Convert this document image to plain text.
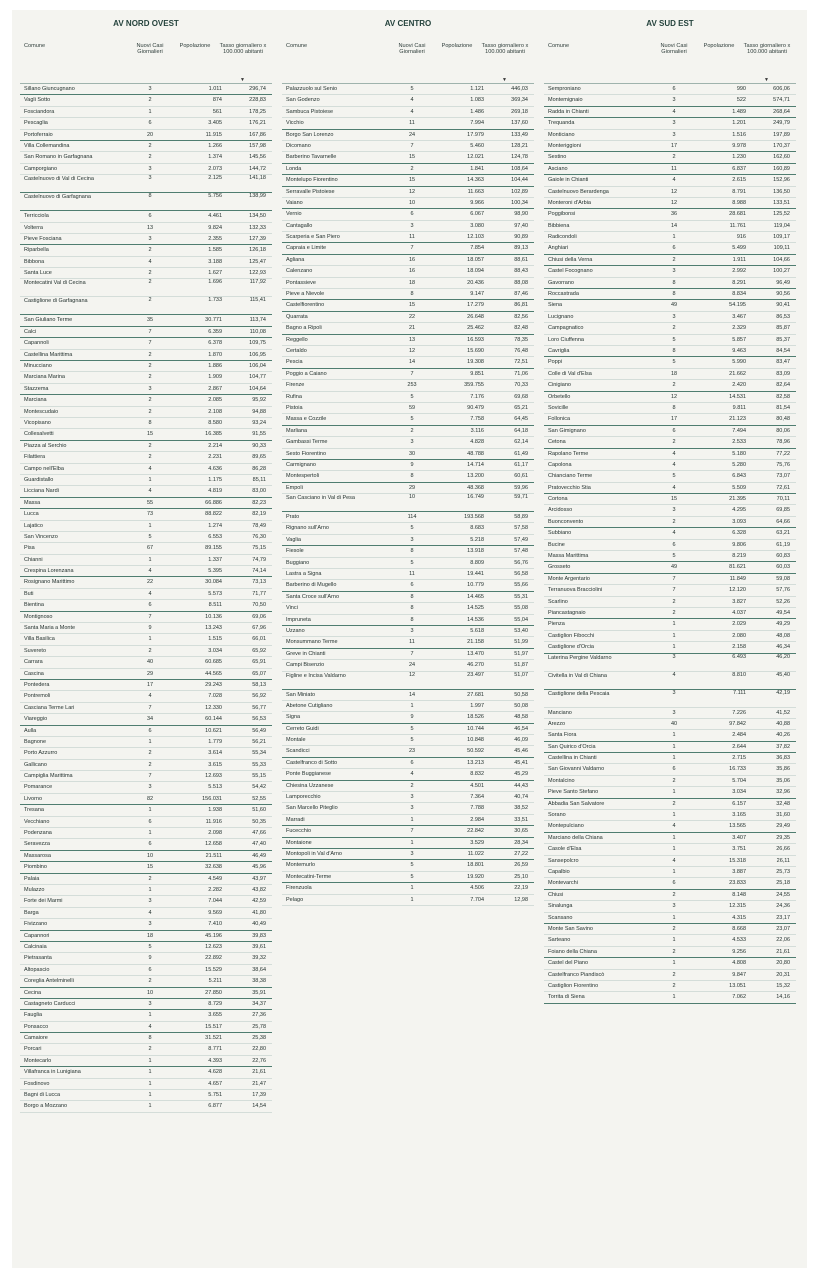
AV NORD OVEST
Comune	Nuovi Casi Giornalieri
Popolazione	Tasso giornaliero x 100.000 abitanti
▼
Sillano Giuncugnano	3	1.011	296,74
Vagli Sotto	2	874	228,83
Fosciandora	1	561	178,25
Pescaglia	6	3.405	176,21
Portoferraio	20	11.915	167,86
Villa Collemandina	2	1.266	157,98
San Romano in Garfagnana	2	1.374	145,56
Camporgiano	3	2.073	144,72
Castelnuovo di Val di Cecina	3	2.125	141,18
Castelnuovo di Garfagnana	8	5.756	138,99
Terricciola	6	4.461	134,50
Volterra	13	9.824	132,33
Pieve Fosciana	3	2.355	127,39
Riparbella	2	1.585	126,18
Bibbona	4	3.188	125,47
Santa Luce	2	1.627	122,93
Montecatini Val di Cecina	2	1.696	117,92
Castiglione di Garfagnana	2	1.733	115,41
San Giuliano Terme	35	30.771	113,74
Calci	7	6.359	110,08
Capannoli	7	6.378	109,75
Castellina Marittima	2	1.870	106,95
Minucciano	2	1.886	106,04
Marciana Marina	2	1.909	104,77
Stazzema	3	2.867	104,64
Marciana	2	2.085	95,92
Montescudaio	2	2.108	94,88
Vicopisano	8	8.580	93,24
Collesalvetti	15	16.385	91,55
Piazza al Serchio	2	2.214	90,33
Filattiera	2	2.231	89,65
Campo nell'Elba	4	4.636	86,28
Guardistallo	1	1.175	85,11
Licciana Nardi	4	4.819	83,00
Massa	55	66.886	82,23
Lucca	73	88.822	82,19
Lajatico	1	1.274	78,49
San Vincenzo	5	6.553	76,30
Pisa	67	89.155	75,15
Chianni	1	1.337	74,79
Crespina Lorenzana	4	5.395	74,14
Rosignano Marittimo	22	30.084	73,13
Buti	4	5.573	71,77
Bientina	6	8.511	70,50
Montignoso	7	10.136	69,06
Santa Maria a Monte	9	13.243	67,96
Villa Basilica	1	1.515	66,01
Suvereto	2	3.034	65,92
Carrara	40	60.685	65,91
Cascina	29	44.565	65,07
Pontedera	17	29.243	58,13
Pontremoli	4	7.028	56,92
Casciana Terme Lari	7	12.330	56,77
Viareggio	34	60.144	56,53
Aulla	6	10.621	56,49
Bagnone	1	1.779	56,21
Porto Azzurro	2	3.614	55,34
Gallicano	2	3.615	55,33
Campiglia Marittima	7	12.693	55,15
Pomarance	3	5.513	54,42
Livorno	82	156.031	52,55
Tresana	1	1.938	51,60
Vecchiano	6	11.916	50,35
Podenzana	1	2.098	47,66
Seravezza	6	12.658	47,40
Massarosa	10	21.511	46,49
Piombino	15	32.638	45,96
Palaia	2	4.549	43,97
Mulazzo	1	2.282	43,82
Forte dei Marmi	3	7.044	42,59
Barga	4	9.569	41,80
Fivizzano	3	7.410	40,49
Capannori	18	45.196	39,83
Calcinaia	5	12.623	39,61
Pietrasanta	9	22.892	39,32
Altopascio	6	15.529	38,64
Coreglia Antelminelli	2	5.211	38,38
Cecina	10	27.850	35,91
Castagneto Carducci	3	8.729	34,37
Fauglia	1	3.655	27,36
Ponsacco	4	15.517	25,78
Camaiore	8	31.521	25,38
Porcari	2	8.771	22,80
Montecarlo	1	4.393	22,76
Villafranca in Lunigiana	1	4.628	21,61
Fosdinovo	1	4.657	21,47
Bagni di Lucca	1	5.751	17,39
Borgo a Mozzano	1	6.877	14,54
AV CENTRO
Comune	Nuovi Casi Giornalieri
Popolazione	Tasso giornaliero x 100.000 abitanti
▼
Palazzuolo sul Senio	5	1.121	446,03
San Godenzo	4	1.083	369,34
Sambuca Pistoiese	4	1.486	269,18
Vicchio	11	7.994	137,60
Borgo San Lorenzo	24	17.979	133,49
Dicomano	7	5.460	128,21
Barberino Tavarnelle	15	12.021	124,78
Londa	2	1.841	108,64
Montelupo Fiorentino	15	14.363	104,44
Serravalle Pistoiese	12	11.663	102,89
Vaiano	10	9.966	100,34
Vernio	6	6.067	98,90
Cantagallo	3	3.080	97,40
Scarperia e San Piero	11	12.103	90,89
Capraia e Limite	7	7.854	89,13
Agliana	16	18.057	88,61
Calenzano	16	18.094	88,43
Pontassieve	18	20.436	88,08
Pieve a Nievole	8	9.147	87,46
Castelfiorentino	15	17.279	86,81
Quarrata	22	26.648	82,56
Bagno a Ripoli	21	25.462	82,48
Reggello	13	16.593	78,35
Certaldo	12	15.690	76,48
Pescia	14	19.308	72,51
Poggio a Caiano	7	9.851	71,06
Firenze	253	359.755	70,33
Rufina	5	7.176	69,68
Pistoia	59	90.479	65,21
Massa e Cozzile	5	7.758	64,45
Marliana	2	3.116	64,18
Gambassi Terme	3	4.828	62,14
Sesto Fiorentino	30	48.788	61,49
Carmignano	9	14.714	61,17
Montespertoli	8	13.200	60,61
Empoli	29	48.368	59,96
San Casciano in Val di Pesa	10	16.749	59,71
Prato	114	193.568	58,89
Rignano sull'Arno	5	8.683	57,58
Vaglia	3	5.218	57,49
Fiesole	8	13.918	57,48
Buggiano	5	8.809	56,76
Lastra a Signa	11	19.441	56,58
Barberino di Mugello	6	10.779	55,66
Santa Croce sull'Arno	8	14.465	55,31
Vinci	8	14.525	55,08
Impruneta	8	14.536	55,04
Uzzano	3	5.618	53,40
Monsummano Terme	11	21.158	51,99
Greve in Chianti	7	13.470	51,97
Campi Bisenzio	24	46.270	51,87
Figline e Incisa Valdarno	12	23.497	51,07
San Miniato	14	27.681	50,58
Abetone Cutigliano	1	1.997	50,08
Signa	9	18.526	48,58
Cerreto Guidi	5	10.744	46,54
Montale	5	10.848	46,09
Scandicci	23	50.592	45,46
Castelfranco di Sotto	6	13.213	45,41
Ponte Buggianese	4	8.832	45,29
Chiesina Uzzanese	2	4.501	44,43
Lamporecchio	3	7.364	40,74
San Marcello Piteglio	3	7.788	38,52
Marradi	1	2.984	33,51
Fucecchio	7	22.842	30,65
Montaione	1	3.529	28,34
Montopoli in Val d'Arno	3	11.022	27,22
Montemurlo	5	18.801	26,59
Montecatini-Terme	5	19.920	25,10
Firenzuola	1	4.506	22,19
Pelago	1	7.704	12,98
AV SUD EST
Comune	Nuovi Casi Giornalieri
Popolazione	Tasso giornaliero x 100.000 abitanti
▼
Semproniano	6	990	606,06
Montemignaio	3	522	574,71
Radda in Chianti	4	1.489	268,64
Trequanda	3	1.201	249,79
Monticiano	3	1.516	197,89
Monteriggioni	17	9.978	170,37
Sestino	2	1.230	162,60
Asciano	11	6.837	160,89
Gaiole in Chianti	4	2.615	152,96
Castelnuovo Berardenga	12	8.791	136,50
Monteroni d'Arbia	12	8.988	133,51
Poggibonsi	36	28.681	125,52
Bibbiena	14	11.761	119,04
Radicondoli	1	916	109,17
Anghiari	6	5.499	109,11
Chiusi della Verna	2	1.911	104,66
Castel Focognano	3	2.992	100,27
Gavorrano	8	8.291	96,49
Roccastrada	8	8.834	90,56
Siena	49	54.195	90,41
Lucignano	3	3.467	86,53
Campagnatico	2	2.329	85,87
Loro Ciuffenna	5	5.857	85,37
Cavriglia	8	9.463	84,54
Poppi	5	5.990	83,47
Colle di Val d'Elsa	18	21.662	83,09
Cinigiano	2	2.420	82,64
Orbetello	12	14.531	82,58
Sovicille	8	9.811	81,54
Follonica	17	21.123	80,48
San Gimignano	6	7.494	80,06
Cetona	2	2.533	78,96
Rapolano Terme	4	5.180	77,22
Capolona	4	5.280	75,76
Chianciano Terme	5	6.843	73,07
Pratovecchio Stia	4	5.509	72,61
Cortona	15	21.395	70,11
Arcidosso	3	4.295	69,85
Buonconvento	2	3.093	64,66
Subbiano	4	6.328	63,21
Bucine	6	9.806	61,19
Massa Marittima	5	8.219	60,83
Grosseto	49	81.621	60,03
Monte Argentario	7	11.849	59,08
Terranuova Bracciolini	7	12.120	57,76
Scarlino	2	3.827	52,26
Piancastagnaio	2	4.037	49,54
Pienza	1	2.029	49,29
Castiglion Fibocchi	1	2.080	48,08
Castiglione d'Orcia	1	2.158	46,34
Laterina Pergine Valdarno	3	6.493	46,20
Civitella in Val di Chiana	4	8.810	45,40
Castiglione della Pescaia	3	7.111	42,19
Manciano	3	7.226	41,52
Arezzo	40	97.842	40,88
Santa Fiora	1	2.484	40,26
San Quirico d'Orcia	1	2.644	37,82
Castellina in Chianti	1	2.715	36,83
San Giovanni Valdarno	6	16.733	35,86
Montalcino	2	5.704	35,06
Pieve Santo Stefano	1	3.034	32,96
Abbadia San Salvatore	2	6.157	32,48
Sorano	1	3.165	31,60
Montepulciano	4	13.565	29,49
Marciano della Chiana	1	3.407	29,35
Casole d'Elsa	1	3.751	26,66
Sansepolcro	4	15.318	26,11
Capalbio	1	3.887	25,73
Montevarchi	6	23.833	25,18
Chiusi	2	8.148	24,55
Sinalunga	3	12.315	24,36
Scansano	1	4.315	23,17
Monte San Savino	2	8.668	23,07
Sarteano	1	4.533	22,06
Foiano della Chiana	2	9.256	21,61
Castel del Piano	1	4.808	20,80
Castelfranco Piandiscò	2	9.847	20,31
Castiglion Fiorentino	2	13.051	15,32
Torrita di Siena	1	7.062	14,16
